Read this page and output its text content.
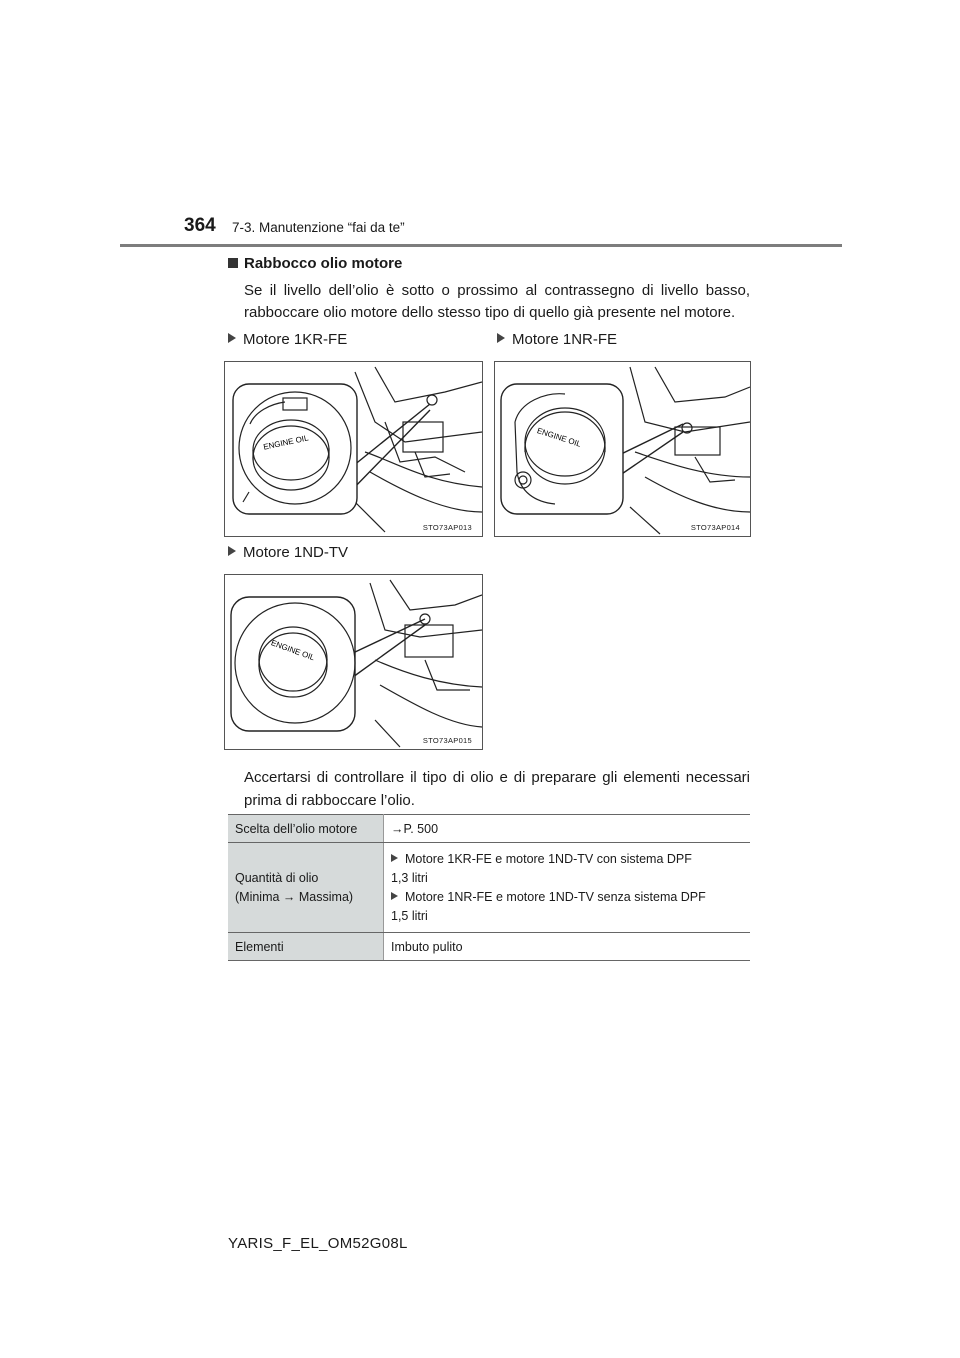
364 7-3. Manutenzione “fai da te”
Rabbocco olio motore
Se il livello dell’olio è sotto o prossimo al contrassegno di livello basso, rabboccare olio motore dello stesso tipo di quello già presente nel motore.
Motore 1KR-FE	Motore 1NR-FE
Motore 1ND-TV
ENGINE OIL
STO73AP013
ENGINE OIL
STO73AP014
ENGINE OIL
STO73AP015
Accertarsi di controllare il tipo di olio e di preparare gli elementi necessari prima di rabboccare l’olio.
Scelta dell’olio motore	→P. 500

Quantità di olio
(Minima → Massima)	Motore 1KR-FE e motore 1ND-TV con sistema DPF
1,3 litri
Motore 1NR-FE e motore 1ND-TV senza sistema DPF
1,5 litri

Elementi	Imbuto pulito
YARIS_F_EL_OM52G08L
